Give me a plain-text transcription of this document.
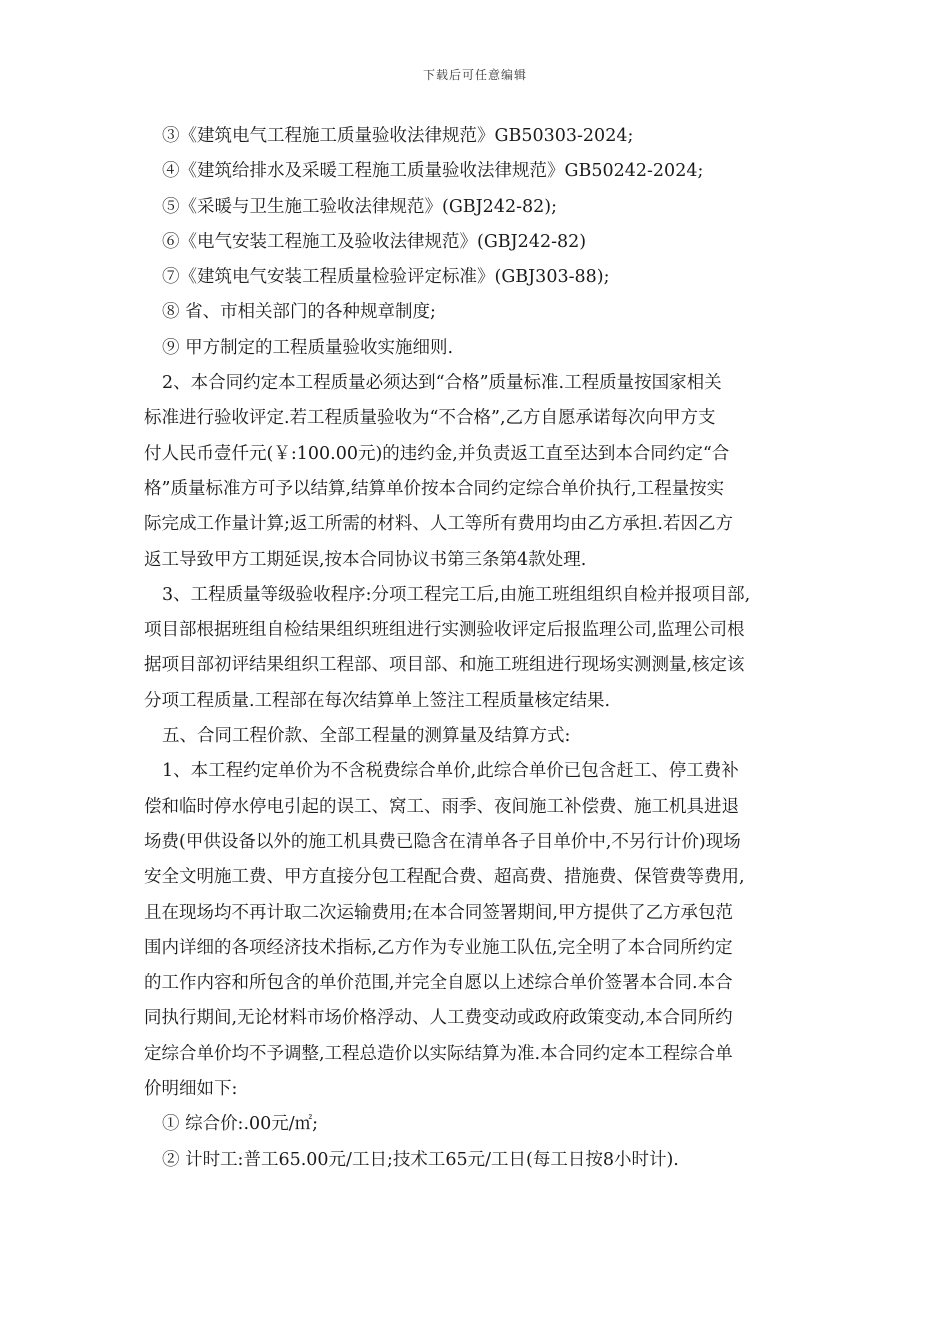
下载后可任意编辑
③《建筑电气工程施工质量验收法律规范》GB50303-2024;
④《建筑给排水及采暖工程施工质量验收法律规范》GB50242-2024;
⑤《采暖与卫生施工验收法律规范》(GBJ242-82);
⑥《电气安装工程施工及验收法律规范》(GBJ242-82)
⑦《建筑电气安装工程质量检验评定标准》(GBJ303-88);
⑧ 省、市相关部门的各种规章制度;
⑨ 甲方制定的工程质量验收实施细则.
2、本合同约定本工程质量必须达到“合格”质量标准.工程质量按国家相关
标准进行验收评定.若工程质量验收为“不合格”,乙方自愿承诺每次向甲方支
付人民币壹仟元(￥:100.00元)的违约金,并负责返工直至达到本合同约定“合
格”质量标准方可予以结算,结算单价按本合同约定综合单价执行,工程量按实
际完成工作量计算;返工所需的材料、人工等所有费用均由乙方承担.若因乙方
返工导致甲方工期延误,按本合同协议书第三条第4款处理.
3、工程质量等级验收程序:分项工程完工后,由施工班组组织自检并报项目部,
项目部根据班组自检结果组织班组进行实测验收评定后报监理公司,监理公司根
据项目部初评结果组织工程部、项目部、和施工班组进行现场实测测量,核定该
分项工程质量.工程部在每次结算单上签注工程质量核定结果.
五、合同工程价款、全部工程量的测算量及结算方式:
1、本工程约定单价为不含税费综合单价,此综合单价已包含赶工、停工费补
偿和临时停水停电引起的误工、窝工、雨季、夜间施工补偿费、施工机具进退
场费(甲供设备以外的施工机具费已隐含在清单各子目单价中,不另行计价)现场
安全文明施工费、甲方直接分包工程配合费、超高费、措施费、保管费等费用,
且在现场均不再计取二次运输费用;在本合同签署期间,甲方提供了乙方承包范
围内详细的各项经济技术指标,乙方作为专业施工队伍,完全明了本合同所约定
的工作内容和所包含的单价范围,并完全自愿以上述综合单价签署本合同.本合
同执行期间,无论材料市场价格浮动、人工费变动或政府政策变动,本合同所约
定综合单价均不予调整,工程总造价以实际结算为准.本合同约定本工程综合单
价明细如下:
① 综合价:.00元/㎡;
② 计时工:普工65.00元/工日;技术工65元/工日(每工日按8小时计).
